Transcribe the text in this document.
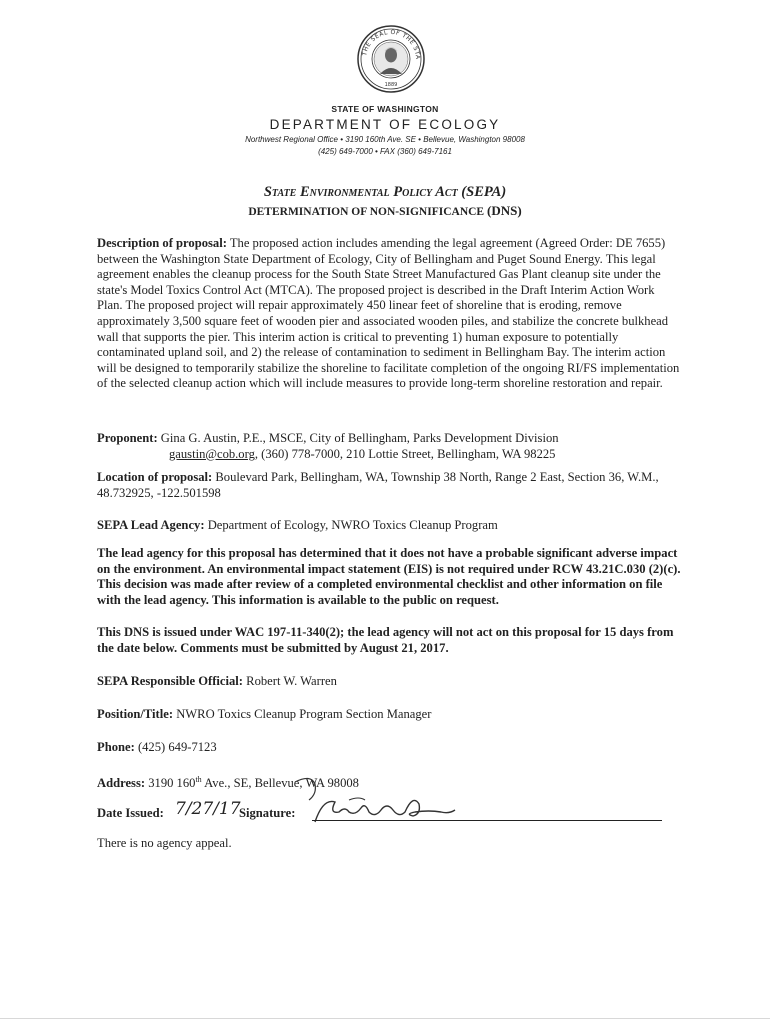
THE SEAL OF THE STA
1889
STATE OF WASHINGTON
DEPARTMENT OF ECOLOGY
Northwest Regional Office • 3190 160th Ave. SE • Bellevue, Washington 98008
(425) 649-7000 • FAX (360) 649-7161
State Environmental Policy Act (SEPA)
DETERMINATION OF NON-SIGNIFICANCE (DNS)
Description of proposal: The proposed action includes amending the legal agreement (Agreed Order: DE 7655) between the Washington State Department of Ecology, City of Bellingham and Puget Sound Energy. This legal agreement enables the cleanup process for the South State Street Manufactured Gas Plant cleanup site under the state's Model Toxics Control Act (MTCA). The proposed project is described in the Draft Interim Action Work Plan. The proposed project will repair approximately 450 linear feet of shoreline that is eroding, remove approximately 3,500 square feet of wooden pier and associated wooden piles, and stabilize the concrete bulkhead wall that supports the pier. This interim action is critical to preventing 1) human exposure to potentially contaminated upland soil, and 2) the release of contamination to sediment in Bellingham Bay. The interim action will be designed to temporarily stabilize the shoreline to facilitate completion of the ongoing RI/FS implementation of the selected cleanup action which will include measures to provide long-term shoreline restoration and repair.
Proponent: Gina G. Austin, P.E., MSCE, City of Bellingham, Parks Development Division
gaustin@cob.org, (360) 778-7000, 210 Lottie Street, Bellingham, WA 98225
Location of proposal: Boulevard Park, Bellingham, WA, Township 38 North, Range 2 East, Section 36, W.M., 48.732925, -122.501598
SEPA Lead Agency: Department of Ecology, NWRO Toxics Cleanup Program
The lead agency for this proposal has determined that it does not have a probable significant adverse impact on the environment. An environmental impact statement (EIS) is not required under RCW 43.21C.030 (2)(c). This decision was made after review of a completed environmental checklist and other information on file with the lead agency. This information is available to the public on request.
This DNS is issued under WAC 197-11-340(2); the lead agency will not act on this proposal for 15 days from the date below. Comments must be submitted by August 21, 2017.
SEPA Responsible Official: Robert W. Warren
Position/Title: NWRO Toxics Cleanup Program Section Manager
Phone: (425) 649-7123
Address: 3190 160th Ave., SE, Bellevue, WA 98008
Date Issued: 7/27/17
Signature:
There is no agency appeal.
